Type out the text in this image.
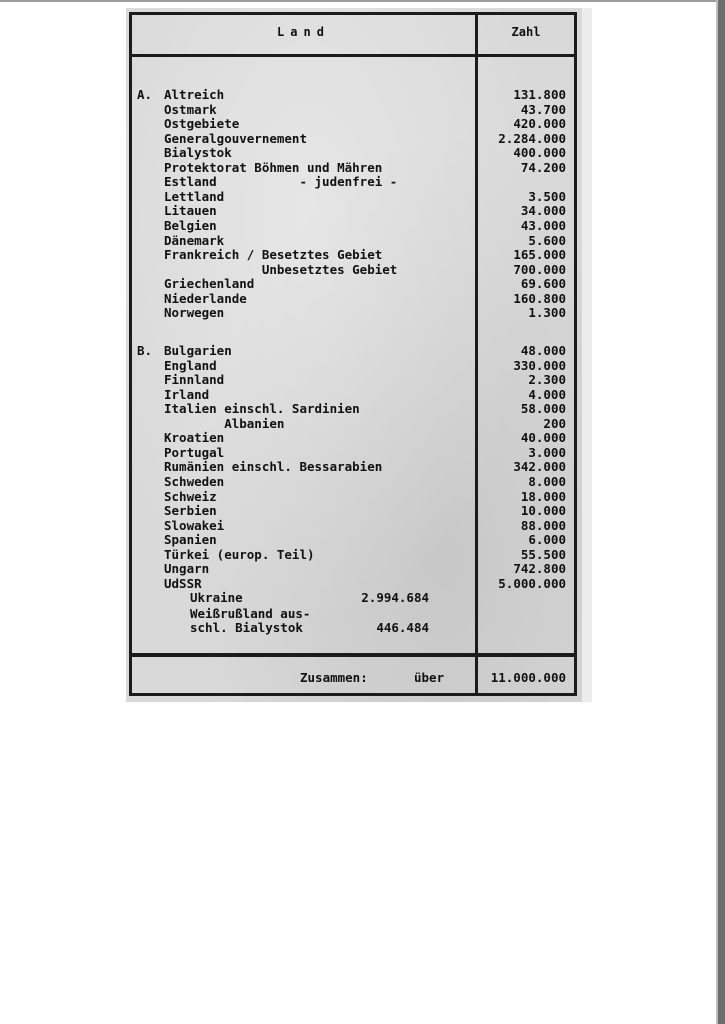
Land	Zahl
A. Altreich	131.800
Ostmark	43.700
Ostgebiete	420.000
Generalgouvernement	2.284.000
Bialystok	400.000
Protektorat Böhmen und Mähren	74.200
Estland           - judenfrei -
Lettland	3.500
Litauen	34.000
Belgien	43.000
Dänemark	5.600
Frankreich / Besetztes Gebiet	165.000
Unbesetztes Gebiet	700.000
Griechenland	69.600
Niederlande	160.800
Norwegen	1.300
B. Bulgarien	48.000
England	330.000
Finnland	2.300
Irland	4.000
Italien einschl. Sardinien	58.000
Albanien	200
Kroatien	40.000
Portugal	3.000
Rumänien einschl. Bessarabien	342.000
Schweden	8.000
Schweiz	18.000
Serbien	10.000
Slowakei	88.000
Spanien	6.000
Türkei (europ. Teil)	55.500
Ungarn	742.800
UdSSR	5.000.000
Ukraine	2.994.684
Weißrußland aus-
schl. Bialystok	446.484
Zusammen:	über	11.000.000
